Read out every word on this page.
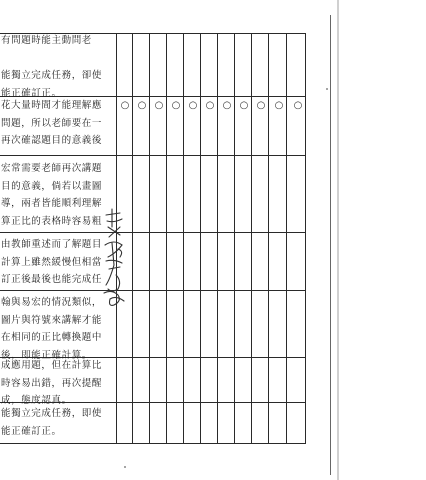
有問題時能主動問老
能獨立完成任務，卻使
能正確訂正。
花大量時間才能理解應
問題，所以老師要在一
再次確認題目的意義後
宏常需要老師再次講題
目的意義，倘若以畫圖
導，兩者皆能順利理解
算正比的表格時容易粗
由教師重述而了解題目
計算上雖然緩慢但相當
訂正後最後也能完成任
翰與易宏的情況類似，
圖片與符號來講解才能
在相同的正比轉換題中
後，即能正確計算。
成應用題，但在計算比
時容易出錯，再次提醒
成，態度認真。
能獨立完成任務，即使
能正確訂正。
○ ○ ○ ○ ○ ○ ○ ○ ○ ○ ○
